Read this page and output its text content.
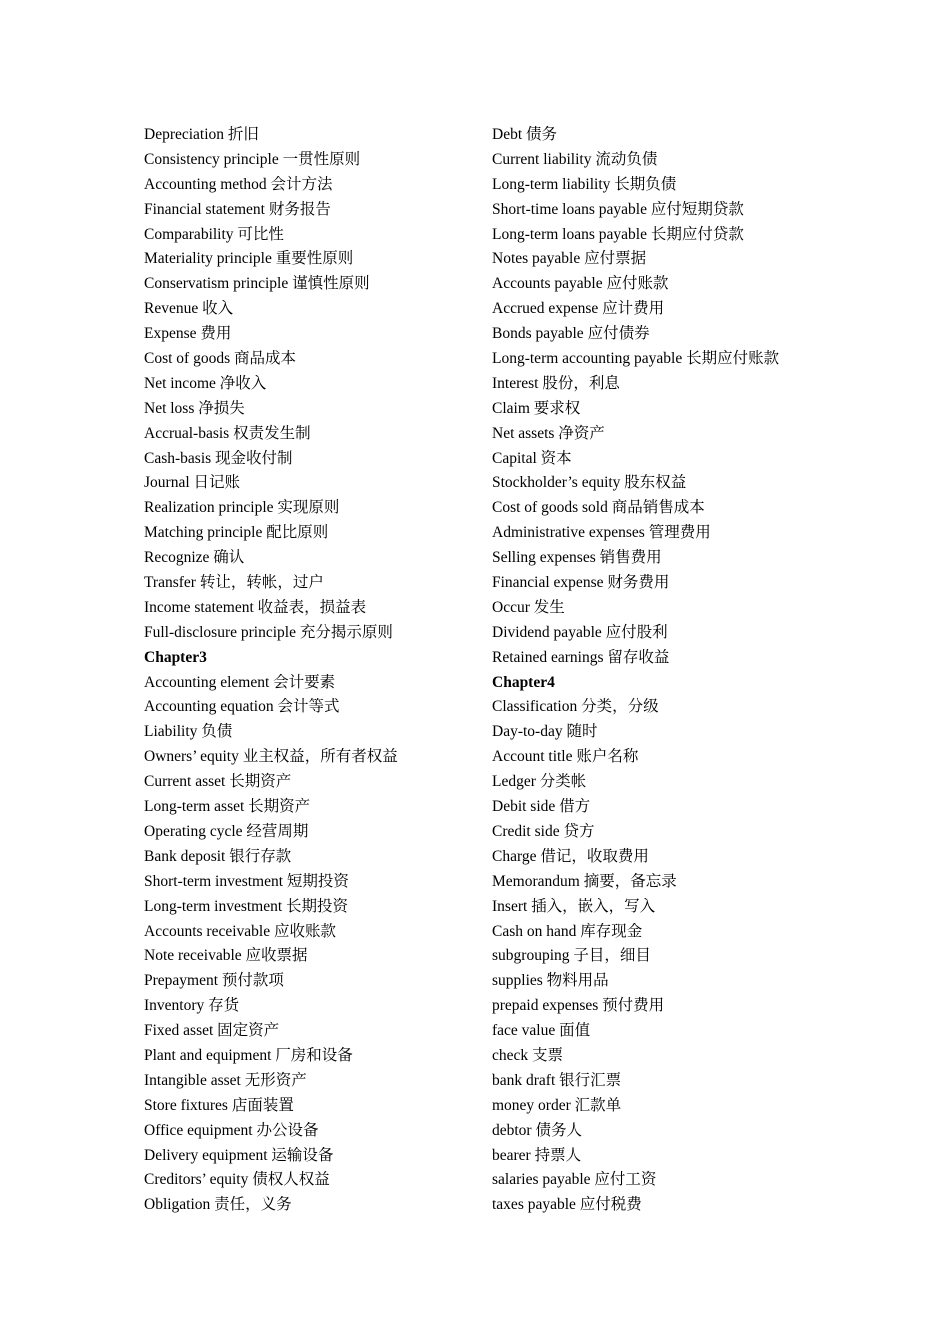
Depreciation 折旧
Consistency principle 一贯性原则
Accounting method 会计方法
Financial statement 财务报告
Comparability 可比性
Materiality principle 重要性原则
Conservatism principle 谨慎性原则
Revenue 收入
Expense 费用
Cost of goods 商品成本
Net income 净收入
Net loss 净损失
Accrual-basis 权责发生制
Cash-basis 现金收付制
Journal 日记账
Realization principle 实现原则
Matching principle 配比原则
Recognize 确认
Transfer 转让，转帐，过户
Income statement 收益表，损益表
Full-disclosure principle 充分揭示原则
Chapter3
Accounting element 会计要素
Accounting equation 会计等式
Liability 负债
Owners’ equity 业主权益，所有者权益
Current asset 长期资产
Long-term asset 长期资产
Operating cycle 经营周期
Bank deposit 银行存款
Short-term investment 短期投资
Long-term investment 长期投资
Accounts receivable 应收账款
Note receivable 应收票据
Prepayment 预付款项
Inventory 存货
Fixed asset 固定资产
Plant and equipment 厂房和设备
Intangible asset 无形资产
Store fixtures 店面装置
Office equipment 办公设备
Delivery equipment 运输设备
Creditors’ equity 债权人权益
Obligation 责任，义务
Debt 债务
Current liability 流动负债
Long-term liability 长期负债
Short-time loans payable 应付短期贷款
Long-term loans payable 长期应付贷款
Notes payable 应付票据
Accounts payable 应付账款
Accrued expense 应计费用
Bonds payable 应付债券
Long-term accounting payable 长期应付账款
Interest 股份，利息
Claim 要求权
Net assets 净资产
Capital 资本
Stockholder’s equity 股东权益
Cost of goods sold 商品销售成本
Administrative expenses 管理费用
Selling expenses 销售费用
Financial expense 财务费用
Occur 发生
Dividend payable 应付股利
Retained earnings 留存收益
Chapter4
Classification 分类，分级
Day-to-day 随时
Account title 账户名称
Ledger 分类帐
Debit side 借方
Credit side 贷方
Charge 借记，收取费用
Memorandum 摘要，备忘录
Insert 插入，嵌入，写入
Cash on hand 库存现金
subgrouping 子目，细目
supplies 物料用品
prepaid expenses 预付费用
face value 面值
check 支票
bank draft 银行汇票
money order 汇款单
debtor 债务人
bearer 持票人
salaries payable 应付工资
taxes payable 应付税费
